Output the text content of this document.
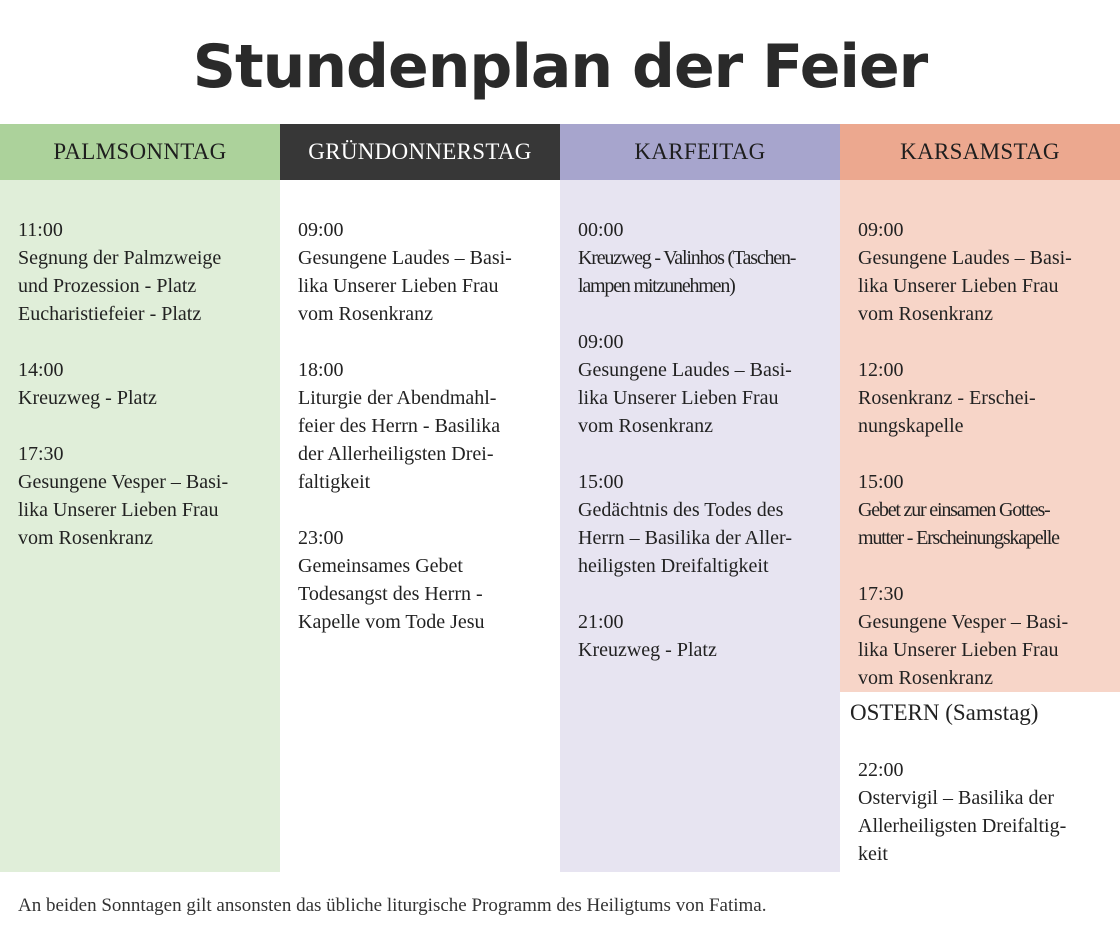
Stundenplan der Feier
PALMSONNTAG
11:00
Segnung der Palmzweige
und Prozession - Platz
Eucharistiefeier - Platz
14:00
Kreuzweg - Platz
17:30
Gesungene Vesper – Basi-
lika Unserer Lieben Frau
vom Rosenkranz
GRÜNDONNERSTAG
09:00
Gesungene Laudes – Basi-
lika Unserer Lieben Frau
vom Rosenkranz
18:00
Liturgie der Abendmahl-
feier des Herrn - Basilika
der Allerheiligsten Drei-
faltigkeit
23:00
Gemeinsames Gebet
Todesangst des Herrn -
Kapelle vom Tode Jesu
KARFEITAG
00:00
Kreuzweg - Valinhos (Taschen-
lampen mitzunehmen)
09:00
Gesungene Laudes – Basi-
lika Unserer Lieben Frau
vom Rosenkranz
15:00
Gedächtnis des Todes des
Herrn – Basilika der Aller-
heiligsten Dreifaltigkeit
21:00
Kreuzweg - Platz
KARSAMSTAG
09:00
Gesungene Laudes – Basi-
lika Unserer Lieben Frau
vom Rosenkranz
12:00
Rosenkranz - Erschei-
nungskapelle
15:00
Gebet zur einsamen Gottes-
mutter - Erscheinungskapelle
17:30
Gesungene Vesper – Basi-
lika Unserer Lieben Frau
vom Rosenkranz
OSTERN (Samstag)
22:00
Ostervigil – Basilika der
Allerheiligsten Dreifaltig-
keit
An beiden Sonntagen gilt ansonsten das übliche liturgische Programm des Heiligtums von Fatima.
